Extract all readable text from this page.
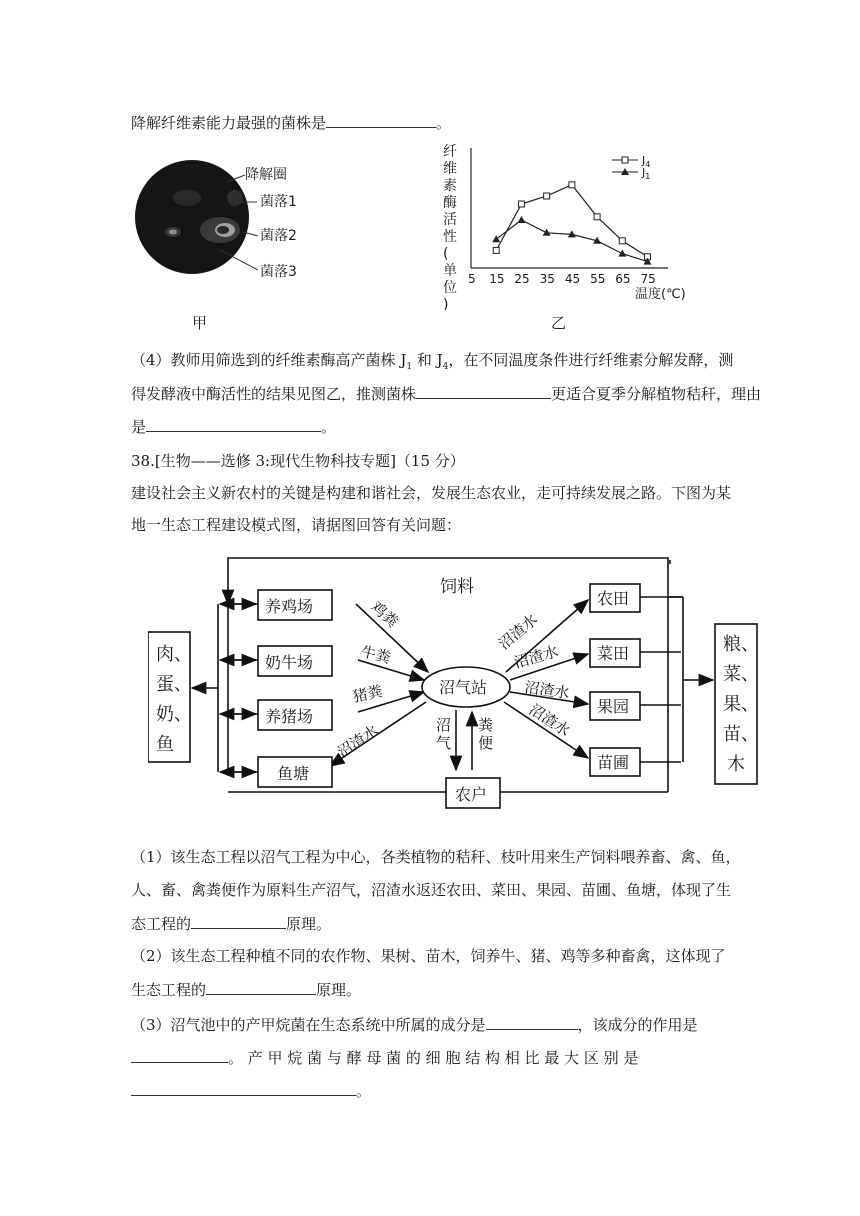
降解纤维素能力最强的菌株是	。
降解圈
菌落1
菌落2
菌落3
甲
纤维素酶活性(单位)
5 15 25 35 45 55 65 75
$J_4$
$J_1$
温度(℃)
乙
（4）教师用筛选到的纤维素酶高产菌株 $J_1$ 和 $J_4$，在不同温度条件进行纤维素分解发酵，测
得发酵液中酶活性的结果见图乙，推测菌株	更适合夏季分解植物秸秆，理由
是	。
38.[生物——选修 3:现代生物科技专题]（15 分）
建设社会主义新农村的关键是构建和谐社会，发展生态农业，走可持续发展之路。下图为某
地一生态工程建设模式图，请据图回答有关问题：
肉、
蛋、
奶、
鱼
粮、
菜、
果、
苗、
木
养鸡场
奶牛场
养猪场
鱼塘
农田
菜田
果园
苗圃
沼气站
农户
饲料
鸡粪
牛粪
猪粪
沼渣水
沼渣水
沼渣水
沼渣水
沼渣水
沼气
粪便
（1）该生态工程以沼气工程为中心，各类植物的秸秆、枝叶用来生产饲料喂养畜、禽、鱼，
人、畜、禽粪便作为原料生产沼气，沼渣水返还农田、菜田、果园、苗圃、鱼塘，体现了生
态工程的	原理。
（2）该生态工程种植不同的农作物、果树、苗木，饲养牛、猪、鸡等多种畜禽，这体现了
生态工程的	原理。
（3）沼气池中的产甲烷菌在生态系统中所属的成分是	，该成分的作用是
。 产 甲 烷 菌 与 酵 母 菌 的 细 胞 结 构 相 比 最 大 区 别 是
。
